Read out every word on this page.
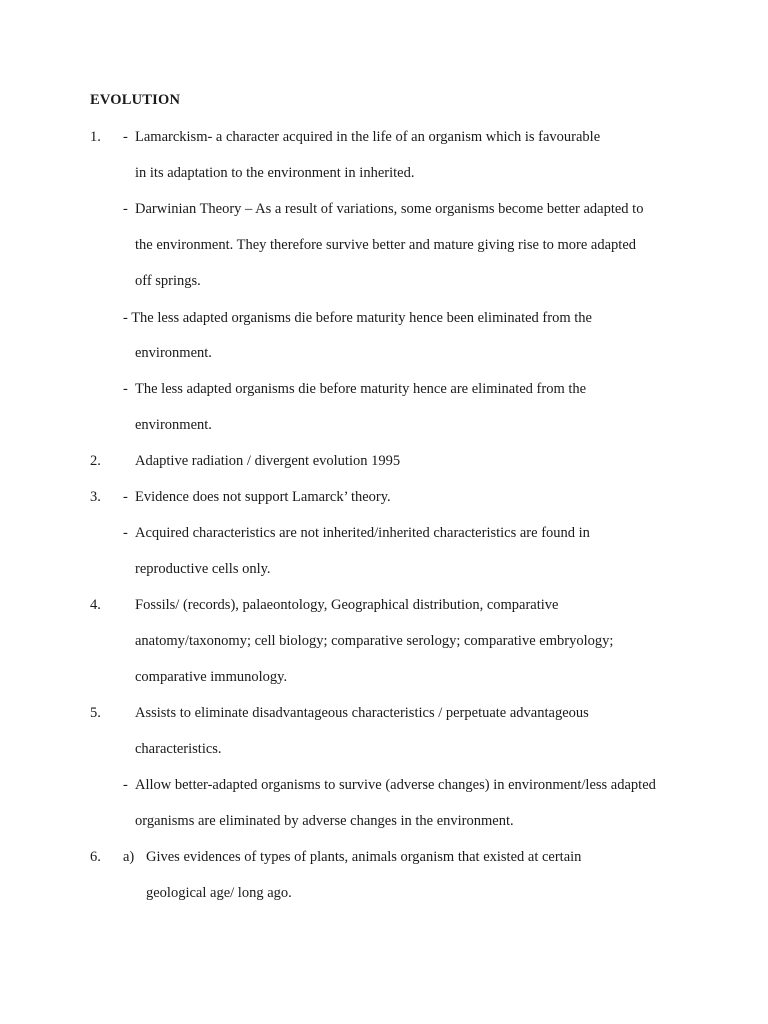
EVOLUTION
1. - Lamarckism- a character acquired in the life of an organism which is favourable
in its adaptation to the environment in inherited.
- Darwinian Theory – As a result of variations, some organisms become better adapted to
the environment. They therefore survive better and mature giving rise to more adapted
off springs.
- The less adapted organisms die before maturity hence been eliminated from the
environment.
- The less adapted organisms die before maturity hence are eliminated from the
environment.
2. Adaptive radiation / divergent evolution 1995
3. - Evidence does not support Lamarck’ theory.
- Acquired characteristics are not inherited/inherited characteristics are found in
reproductive cells only.
4. Fossils/ (records), palaeontology, Geographical distribution, comparative
anatomy/taxonomy; cell biology; comparative serology; comparative embryology;
comparative immunology.
5. Assists to eliminate disadvantageous characteristics / perpetuate advantageous
characteristics.
- Allow better-adapted organisms to survive (adverse changes) in environment/less adapted
organisms are eliminated by adverse changes in the environment.
6. a) Gives evidences of types of plants, animals organism that existed at certain
geological age/ long ago.
